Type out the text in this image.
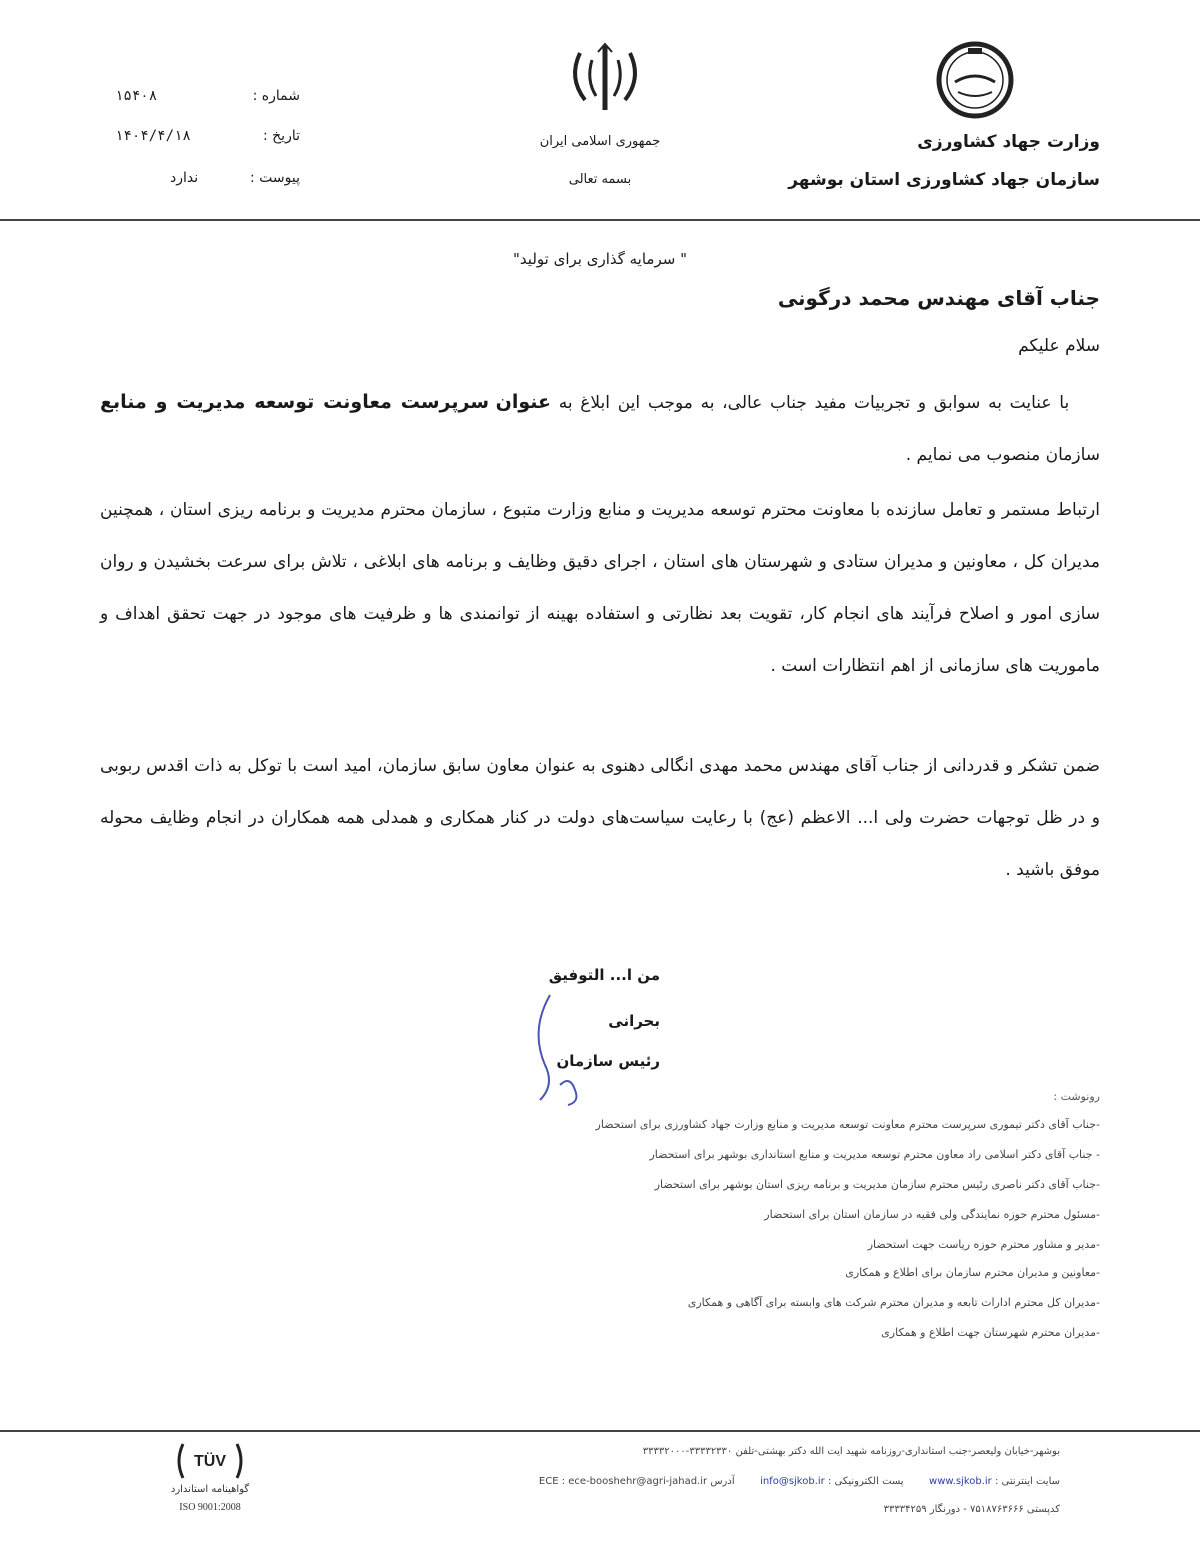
وزارت جهاد کشاورزی
سازمان جهاد کشاورزی استان بوشهر
جمهوری اسلامی ایران
بسمه تعالی
شماره :
۱۵۴۰۸
تاریخ :
۱۴۰۴/۴/۱۸
پیوست :
ندارد
" سرمایه گذاری برای تولید"
جناب آقای مهندس محمد درگونی
سلام علیکم
با عنایت به سوابق و تجربیات مفید جناب عالی، به موجب این ابلاغ به عنوان سرپرست معاونت توسعه مدیریت و منابع سازمان منصوب می نمایم .
ارتباط مستمر و تعامل سازنده با معاونت محترم توسعه مدیریت و منابع وزارت متبوع ، سازمان محترم مدیریت و برنامه ریزی استان ، همچنین مدیران کل ، معاونین و مدیران ستادی و شهرستان های استان ، اجرای دقیق وظایف و برنامه های ابلاغی ، تلاش برای سرعت بخشیدن و روان سازی امور و اصلاح فرآیند های انجام کار، تقویت بعد نظارتی و استفاده بهینه از توانمندی ها و ظرفیت های موجود در جهت تحقق اهداف و ماموریت های سازمانی از اهم انتظارات است .
ضمن تشکر و قدردانی از جناب آقای مهندس محمد مهدی انگالی دهنوی به عنوان معاون سابق سازمان، امید است با توکل به ذات اقدس ربوبی و در ظل توجهات حضرت ولی ا... الاعظم (عج) با رعایت سیاست‌های دولت در کنار همکاری و همدلی همه همکاران در انجام وظایف محوله موفق باشید .
من ا... التوفیق
بحرانی
رئیس سازمان
رونوشت :
-جناب آقای دکتر تیموری سرپرست محترم معاونت توسعه مدیریت و منابع وزارت جهاد کشاورزی برای استحضار
- جناب آقای دکتر اسلامی راد معاون محترم توسعه مدیریت و منابع استانداری بوشهر برای استحضار
-جناب آقای دکتر ناصری رئیس محترم سازمان مدیریت و برنامه ریزی استان بوشهر برای استحضار
-مسئول محترم حوزه نمایندگی ولی فقیه در سازمان استان برای استحضار
-مدیر و مشاور محترم حوزه ریاست جهت استحضار
-معاونین و مدیران محترم سازمان برای اطلاع و همکاری
-مدیران کل محترم ادارات تابعه و مدیران محترم شرکت های وابسته برای آگاهی و همکاری
-مدیران محترم شهرستان جهت اطلاع و همکاری
بوشهر-خیابان ولیعصر-جنب استانداری-روزنامه شهید ایت الله دکتر بهشتی-تلفن ۳۳۳۳۲۳۳۰-۳۳۳۳۲۰۰۰
سایت اینترنتی : www.sjkob.ir        پست الکترونیکی : info@sjkob.ir        آدرس ECE : ece-booshehr@agri-jahad.ir
کدپستی ۷۵۱۸۷۶۳۶۶۶ - دورنگار ۳۳۳۳۴۲۵۹
TÜV
گواهینامه استاندارد
ISO 9001:2008
